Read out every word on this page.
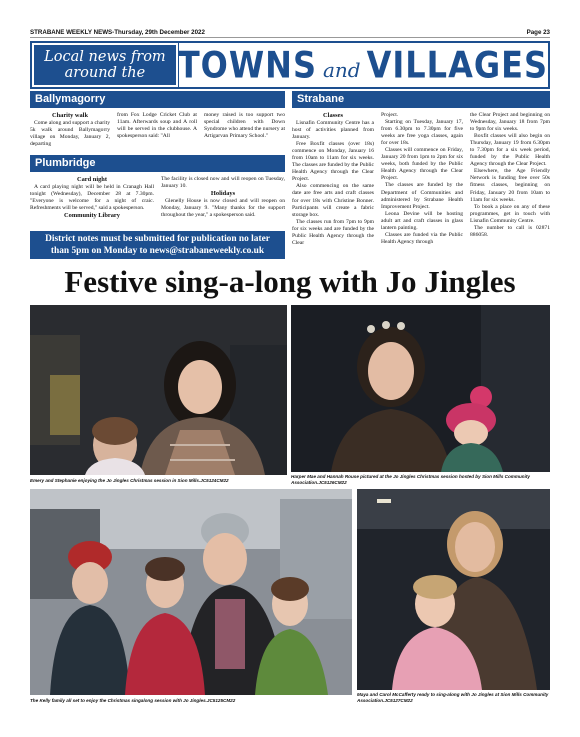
STRABANE WEEKLY NEWS-Thursday, 29th December 2022	Page 23
Local news from
around the TOWNS and VILLAGES
Ballymagorry

Charity walk

Come along and support a charity 5k walk around Ballymagorry village on Monday, January 2, departing

from Fox Lodge Cricket Club at 11am. Afterwards soup and A roll will be served in the clubhouse. A spokesperson said: "All

money raised is too support two special children with Down Syndrome who attend the nursery at Artigarvan Primary School."

Plumbridge

Card night

A card playing night will be held in Cranagh Hall tonight (Wednesday), December 28 at 7.30pm. "Everyone is welcome for a night of craic. Refreshments will be served," said a spokesperson.

Community Library

The facility is closed now and will reopen on Tuesday, January 10.

Holidays

Glenelly House is now closed and will reopen on Monday, January 9. "Many thanks for the support throughout the year," a spokesperson said.

District notes must be submitted for publication no later
than 5pm on Monday to news@strabaneweekly.co.uk
Strabane

Classes

Lisnafin Community Centre has a host of activities planned from January.

Free Boxfit classes (over 18s) commence on Monday, January 16 from 10am to 11am for six weeks. The classes are funded by the Public Health Agency through the Clear Project.

Also commencing on the same date are free arts and craft classes for over 18s with Christine Bonner. Participants will create a fabric storage box.

The classes run from 7pm to 9pm for six weeks and are funded by the Public Health Agency through the Clear

Project.

Starting on Tuesday, January 17, from 6.30pm to 7.30pm for five weeks are free yoga classes, again for over 18s.

Classes will commence on Friday, January 20 from 1pm to 2pm for six weeks, both funded by the Public Health Agency through the Clear Project.

The classes are funded by the Department of Communities and administered by Strabane Health Improvement Project.

Leona Devine will be hosting adult art and craft classes in glass lantern painting.

Classes are funded via the Public Health Agency through

the Clear Project and beginning on Wednesday, January 18 from 7pm to 9pm for six weeks.

Boxfit classes will also begin on Thursday, January 19 from 6.30pm to 7.30pm for a six week period, funded by the Public Health Agency through the Clear Project.

Elsewhere, the Age Friendly Network is funding free over 50s fitness classes, beginning on Friday, January 20 from 10am to 11am for six weeks.

To book a place on any of these programmes, get in touch with Lisnafin Community Centre.

The number to call is 02871 886058.

Festive sing-a-long with Jo Jingles
Emery and Stephanie enjoying the Jo Jingles Christmas session in Sion Mills.JC5124CM22
Harper Mae and Hannah Rouse pictured at the Jo Jingles Christmas session hosted by Sion Mills Community Association.JC5126CM22
The Kelly family all set to enjoy the Christmas singalong session with Jo Jingles.JC5125CM22
Maya and Carol McCafferty ready to sing-along with Jo Jingles at Sion Mills Community Association.JC5127CM22
